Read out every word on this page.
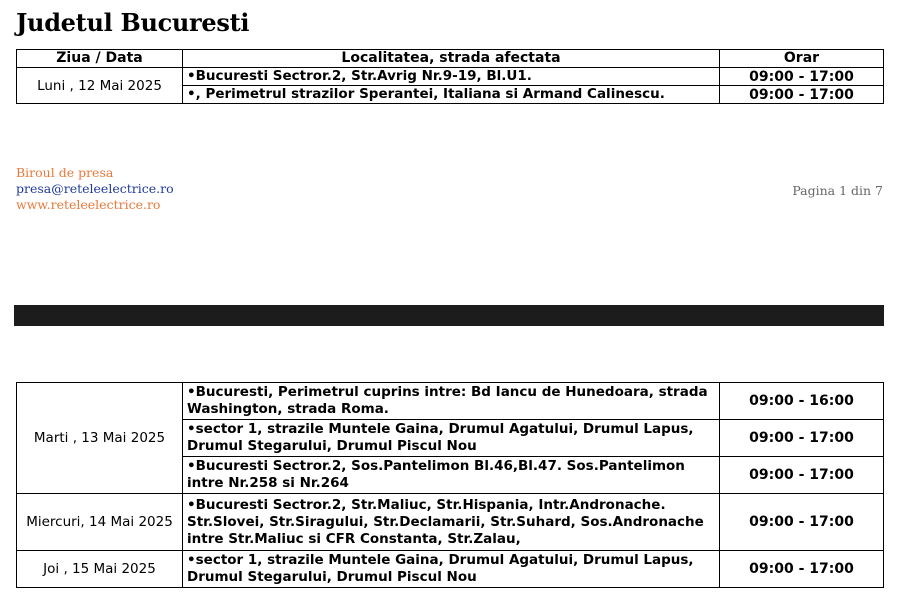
Judetul Bucuresti
Ziua / Data	Localitatea, strada afectata	Orar
Luni , 12 Mai 2025	•Bucuresti Sectror.2, Str.Avrig Nr.9-19, Bl.U1.	09:00 - 17:00
	•, Perimetrul strazilor Sperantei, Italiana si Armand Calinescu.	09:00 - 17:00
Biroul de presa
presa@reteleelectrice.ro
www.reteleelectrice.ro
Pagina 1 din 7
Marti , 13 Mai 2025	•Bucuresti, Perimetrul cuprins intre: Bd Iancu de Hunedoara, strada Washington, strada Roma.	09:00 - 16:00
	•sector 1, strazile Muntele Gaina, Drumul Agatului, Drumul Lapus, Drumul Stegarului, Drumul Piscul Nou	09:00 - 17:00
	•Bucuresti Sectror.2, Sos.Pantelimon Bl.46,Bl.47. Sos.Pantelimon intre Nr.258 si Nr.264	09:00 - 17:00
Miercuri, 14 Mai 2025	•Bucuresti Sectror.2, Str.Maliuc, Str.Hispania, Intr.Andronache. Str.Slovei, Str.Siragului, Str.Declamarii, Str.Suhard, Sos.Andronache intre Str.Maliuc si CFR Constanta, Str.Zalau,	09:00 - 17:00
Joi , 15 Mai 2025	•sector 1, strazile Muntele Gaina, Drumul Agatului, Drumul Lapus, Drumul Stegarului, Drumul Piscul Nou	09:00 - 17:00
